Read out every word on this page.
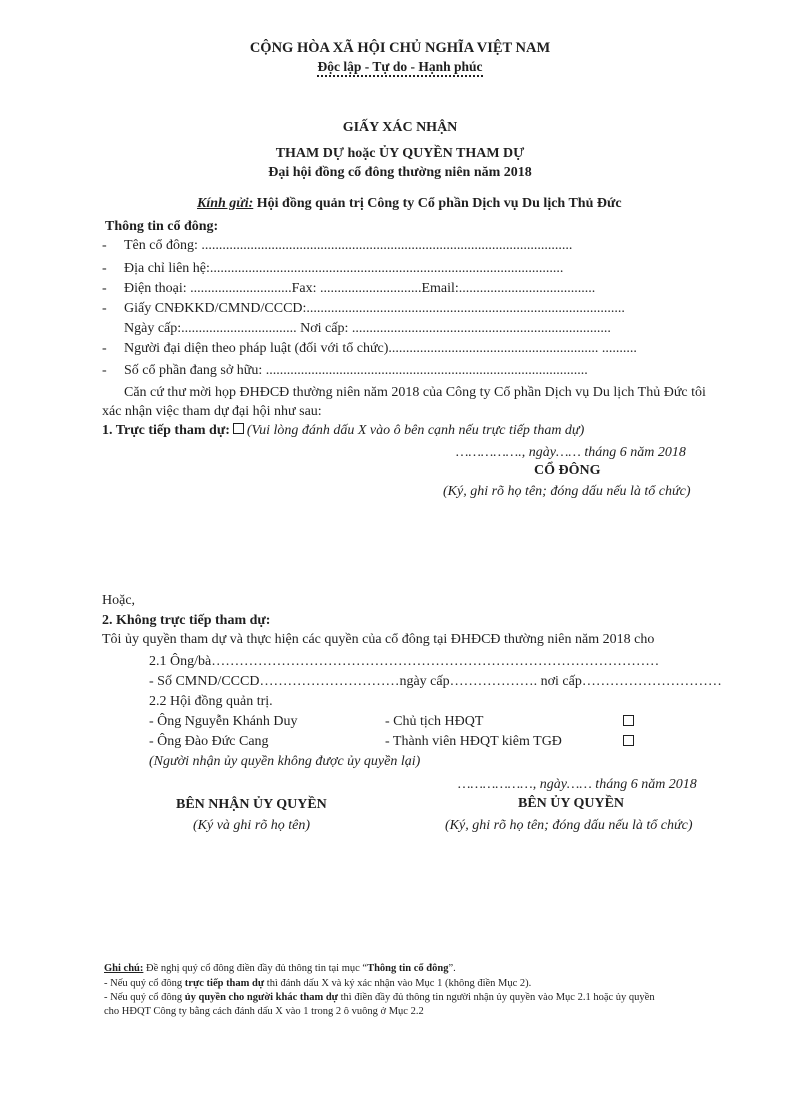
CỘNG HÒA XÃ HỘI CHỦ NGHĨA VIỆT NAM
Độc lập - Tự do - Hạnh phúc
GIẤY XÁC NHẬN
THAM DỰ hoặc ỦY QUYỀN THAM DỰ
Đại hội đồng cổ đông thường niên năm 2018
Kính gửi: Hội đồng quản trị Công ty Cổ phần Dịch vụ Du lịch Thủ Đức
Thông tin cổ đông:
- Tên cổ đông: ..........................................................................................................
- Địa chỉ liên hệ:.....................................................................................................
- Điện thoại: .............................Fax: .............................Email:.......................................
- Giấy CNĐKKD/CMND/CCCD:...........................................................................................
Ngày cấp:................................. Nơi cấp: ..........................................................................
- Người đại diện theo pháp luật (đối với tổ chức)............................................................ ..........
- Số cổ phần đang sở hữu: ............................................................................................
Căn cứ thư mời họp ĐHĐCĐ thường niên năm 2018 của Công ty Cổ phần Dịch vụ Du lịch Thủ Đức tôi
xác nhận việc tham dự đại hội như sau:
1. Trực tiếp tham dự: (Vui lòng đánh dấu X vào ô bên cạnh nếu trực tiếp tham dự)
……………., ngày…… tháng 6 năm 2018
CỔ ĐÔNG
(Ký, ghi rõ họ tên; đóng dấu nếu là tổ chức)
Hoặc,
2. Không trực tiếp tham dự:
Tôi ủy quyền tham dự và thực hiện các quyền của cổ đông tại ĐHĐCĐ thường niên năm 2018 cho
2.1 Ông/bà……………………………………………………………………………………
- Số CMND/CCCD…………………………ngày cấp………………. nơi cấp…………………………
2.2 Hội đồng quản trị.
- Ông Nguyễn Khánh Duy	- Chủ tịch HĐQT
- Ông Đào Đức Cang	- Thành viên HĐQT kiêm TGĐ
(Người nhận ủy quyền không được ủy quyền lại)
………………, ngày…… tháng 6 năm 2018
BÊN NHẬN ỦY QUYỀN
(Ký và ghi rõ họ tên)
BÊN ỦY QUYỀN
(Ký, ghi rõ họ tên; đóng dấu nếu là tổ chức)
Ghi chú: Đề nghị quý cổ đông điền đầy đủ thông tin tại mục “Thông tin cổ đông”.
- Nếu quý cổ đông trực tiếp tham dự thì đánh dấu X và ký xác nhận vào Mục 1 (không điền Mục 2).
- Nếu quý cổ đông ủy quyền cho người khác tham dự thì điền đầy đủ thông tin người nhận ủy quyền vào Mục 2.1 hoặc ủy quyền
cho HĐQT Công ty bằng cách đánh dấu X vào 1 trong 2 ô vuông ở Mục 2.2
